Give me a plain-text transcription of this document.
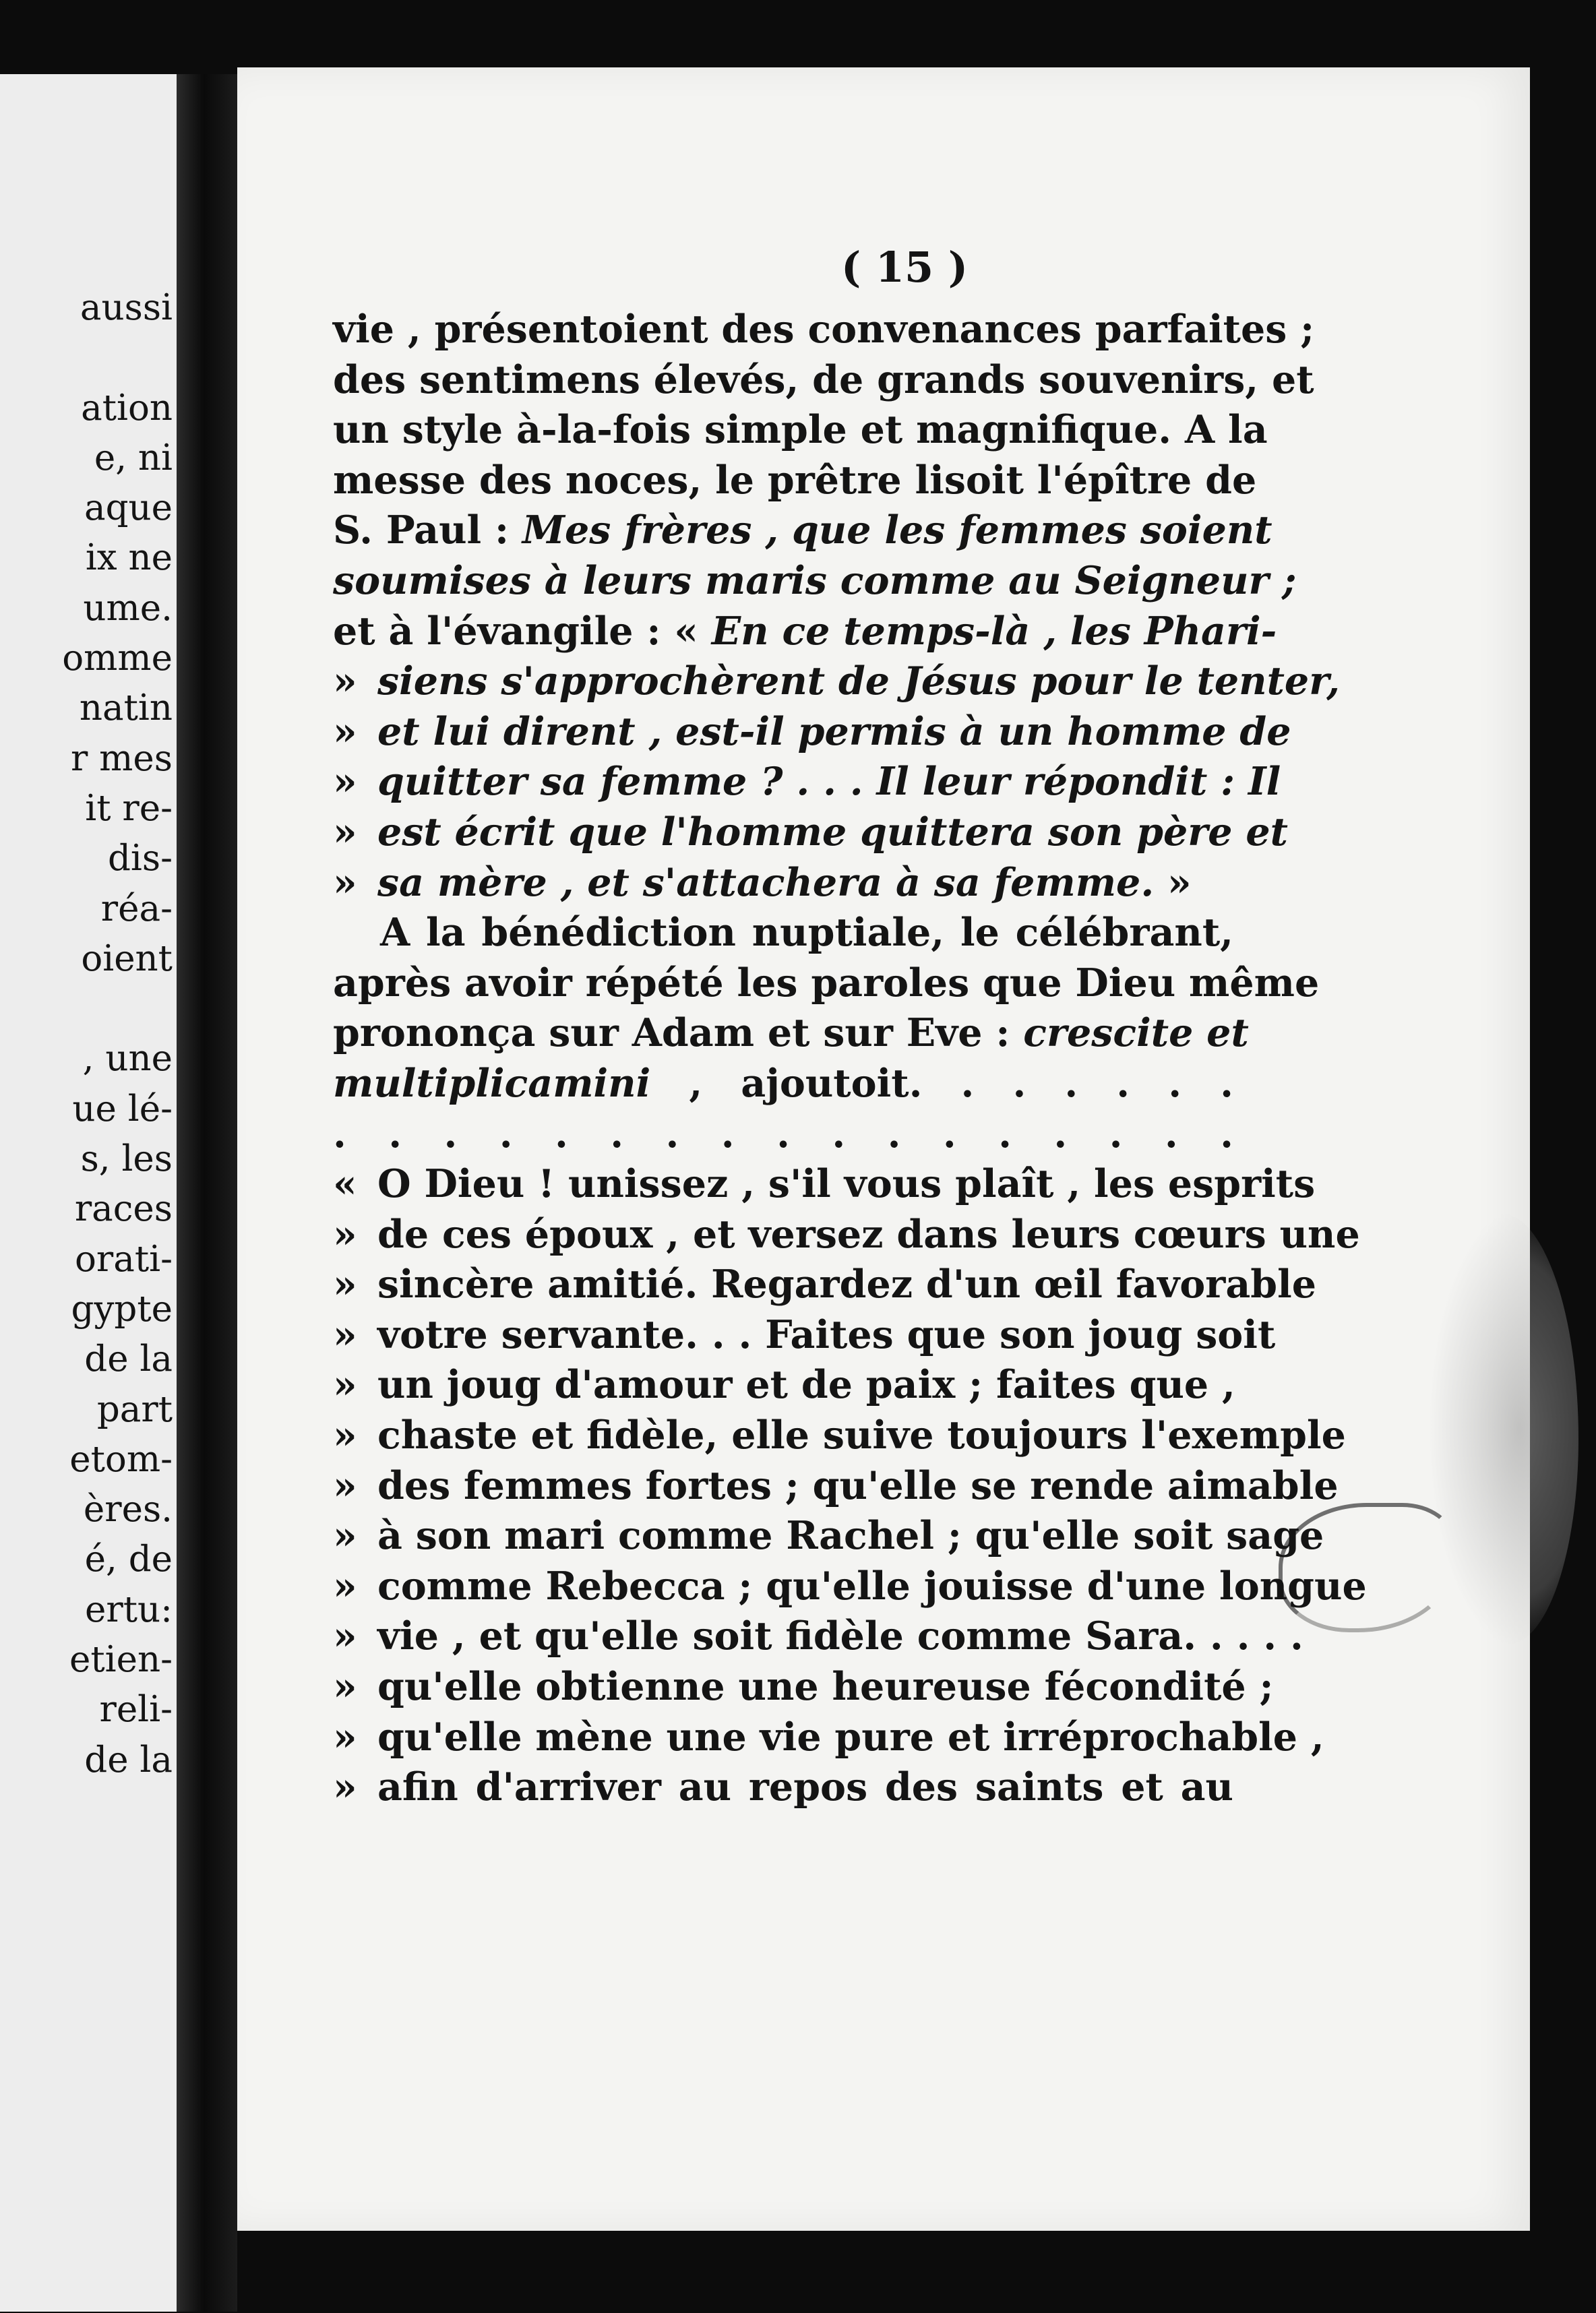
aussi

ation
e, ni
aque
ix ne
ume.
omme
natin
r mes
it re-
dis-
réa-
oient

, une
ue lé-
s, les
races
orati-
gypte
de la
part
etom-
ères.
é, de
ertu:
etien-
reli-
de la
( 15 )
vie , présentoient des convenances parfaites ;
des sentimens élevés, de grands souvenirs, et
un style à-la-fois simple et magnifique. A la
messe des noces, le prêtre lisoit l'épître de
S. Paul : Mes frères , que les femmes soient
soumises à leurs maris comme au Seigneur ;
et à l'évangile : « En ce temps-là , les Phari-
» siens s'approchèrent de Jésus pour le tenter,
» et lui dirent , est-il permis à un homme de
» quitter sa femme ? . . . Il leur répondit : Il
» est écrit que l'homme quittera son père et
» sa mère , et s'attachera à sa femme. »
A la bénédiction nuptiale, le célébrant,
après avoir répété les paroles que Dieu même
prononça sur Adam et sur Eve : crescite et
multiplicamini , ajoutoit. . . . . . .
. . . . . . . . . . . . . . . . .
« O Dieu ! unissez , s'il vous plaît , les esprits
» de ces époux , et versez dans leurs cœurs une
» sincère amitié. Regardez d'un œil favorable
» votre servante. . . Faites que son joug soit
» un joug d'amour et de paix ; faites que ,
» chaste et fidèle, elle suive toujours l'exemple
» des femmes fortes ; qu'elle se rende aimable
» à son mari comme Rachel ; qu'elle soit sage
» comme Rebecca ; qu'elle jouisse d'une longue
» vie , et qu'elle soit fidèle comme Sara. . . . .
» qu'elle obtienne une heureuse fécondité ;
» qu'elle mène une vie pure et irréprochable ,
» afin d'arriver au repos des saints et au
